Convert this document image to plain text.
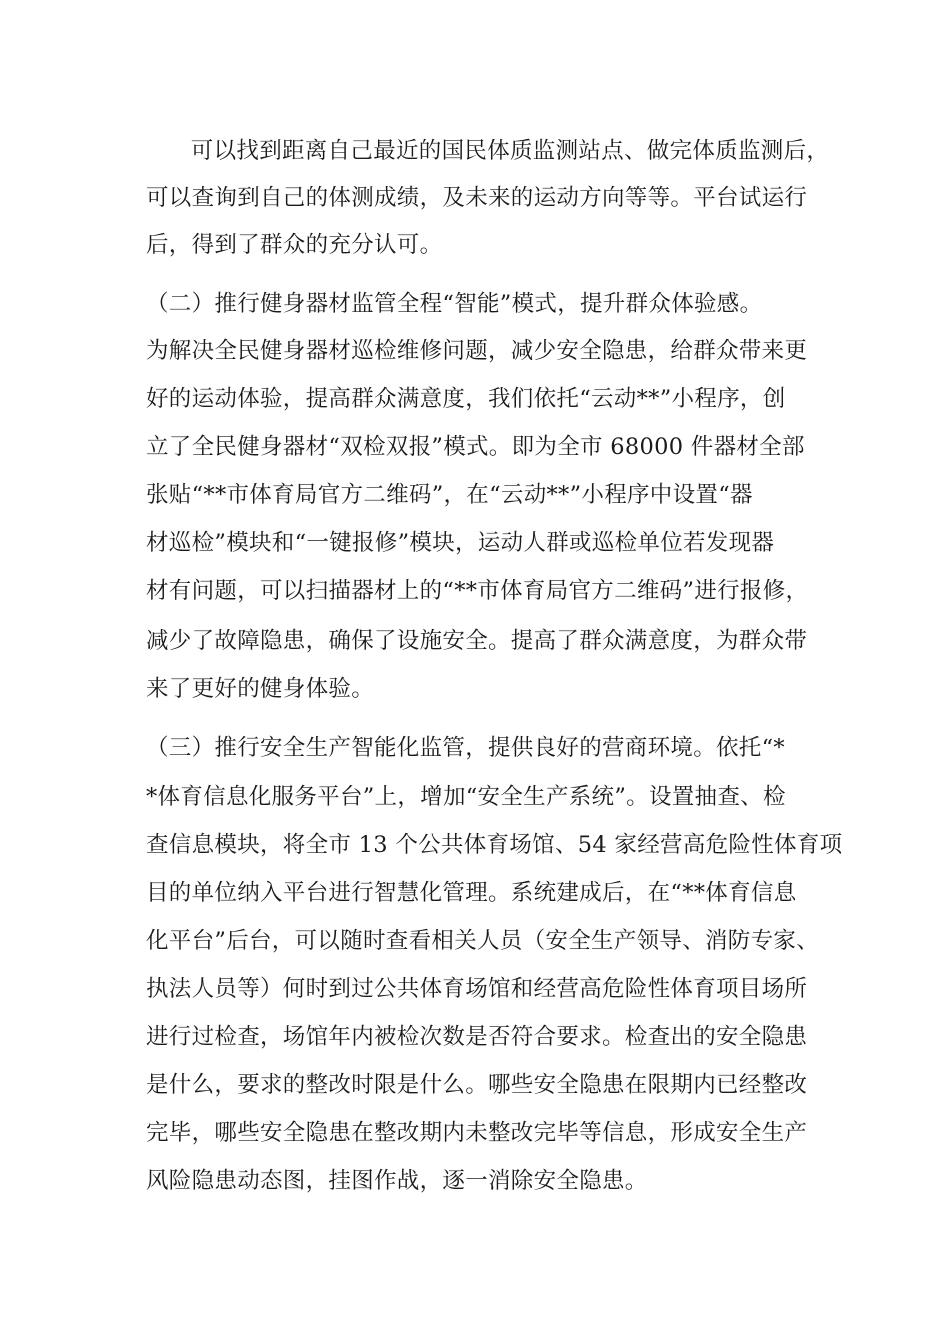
　可以找到距离自己最近的国民体质监测站点、做完体质监测后，
可以查询到自己的体测成绩，及未来的运动方向等等。平台试运行
后，得到了群众的充分认可。
（二）推行健身器材监管全程“智能”模式，提升群众体验感。
为解决全民健身器材巡检维修问题，减少安全隐患，给群众带来更
好的运动体验，提高群众满意度，我们依托“云动**”小程序，创
立了全民健身器材“双检双报”模式。即为全市 68000 件器材全部
张贴“**市体育局官方二维码”，在“云动**”小程序中设置“器
材巡检”模块和“一键报修”模块，运动人群或巡检单位若发现器
材有问题，可以扫描器材上的“**市体育局官方二维码”进行报修，
减少了故障隐患，确保了设施安全。提高了群众满意度，为群众带
来了更好的健身体验。
（三）推行安全生产智能化监管，提供良好的营商环境。依托“*
*体育信息化服务平台”上，增加“安全生产系统”。设置抽查、检
查信息模块，将全市 13 个公共体育场馆、54 家经营高危险性体育项
目的单位纳入平台进行智慧化管理。系统建成后，在“**体育信息
化平台”后台，可以随时查看相关人员（安全生产领导、消防专家、
执法人员等）何时到过公共体育场馆和经营高危险性体育项目场所
进行过检查，场馆年内被检次数是否符合要求。检查出的安全隐患
是什么，要求的整改时限是什么。哪些安全隐患在限期内已经整改
完毕，哪些安全隐患在整改期内未整改完毕等信息，形成安全生产
风险隐患动态图，挂图作战，逐一消除安全隐患。
